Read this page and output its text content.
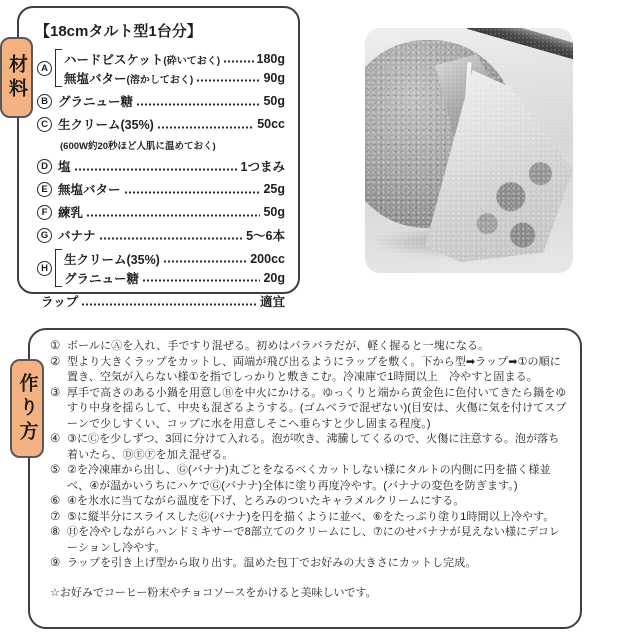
【18cmタルト型1台分】
A
ハードビスケット(砕いておく)	180g
無塩バター(溶かしておく)	90g
B グラニュー糖	50g
C 生クリーム(35%)	50cc
(600W約20秒ほど人肌に温めておく)
D 塩	1つまみ
E 無塩バター	25g
F 練乳	50g
G バナナ	5～6本
H
生クリーム(35%)	200cc
グラニュー糖	20g
ラップ	適宜
材料
① ボールにⒶを入れ、手ですり混ぜる。初めはバラバラだが、軽く握ると一塊になる。
② 型より大きくラップをカットし、両端が飛び出るようにラップを敷く。下から型➡ラップ➡①の順に置き、空気が入らない様①を指でしっかりと敷きこむ。冷凍庫で1時間以上　冷やすと固まる。
③ 厚手で高さのある小鍋を用意しⒷを中火にかける。ゆっくりと端から黄金色に色付いてきたら鍋をゆすり中身を揺らして、中央も混ざるようする。(ゴムベラで混ぜない)(目安は、火傷に気を付けてスプーンで少しすくい、コップに水を用意しそこへ垂らすと少し固まる程度。)
④ ③にⒸを少しずつ、3回に分けて入れる。泡が吹き、沸騰してくるので、火傷に注意する。泡が落ち着いたら、ⒹⒺⒻを加え混ぜる。
⑤ ②を冷凍庫から出し、Ⓖ(バナナ)丸ごとをなるべくカットしない様にタルトの内側に円を描く様並べ、④が温かいうちにハケでⒼ(バナナ)全体に塗り再度冷やす。(バナナの変色を防ぎます。)
⑥ ④を氷水に当てながら温度を下げ、とろみのついたキャラメルクリームにする。
⑦ ⑤に縦半分にスライスしたⒼ(バナナ)を円を描くように並べ、⑥をたっぷり塗り1時間以上冷やす。
⑧ Ⓗを冷やしながらハンドミキサーで8部立てのクリームにし、⑦にのせバナナが見えない様にデコレーションし冷やす。
⑨ ラップを引き上げ型から取り出す。温めた包丁でお好みの大きさにカットし完成。

☆お好みでコーヒー粉末やチョコソースをかけると美味しいです。

作り方
